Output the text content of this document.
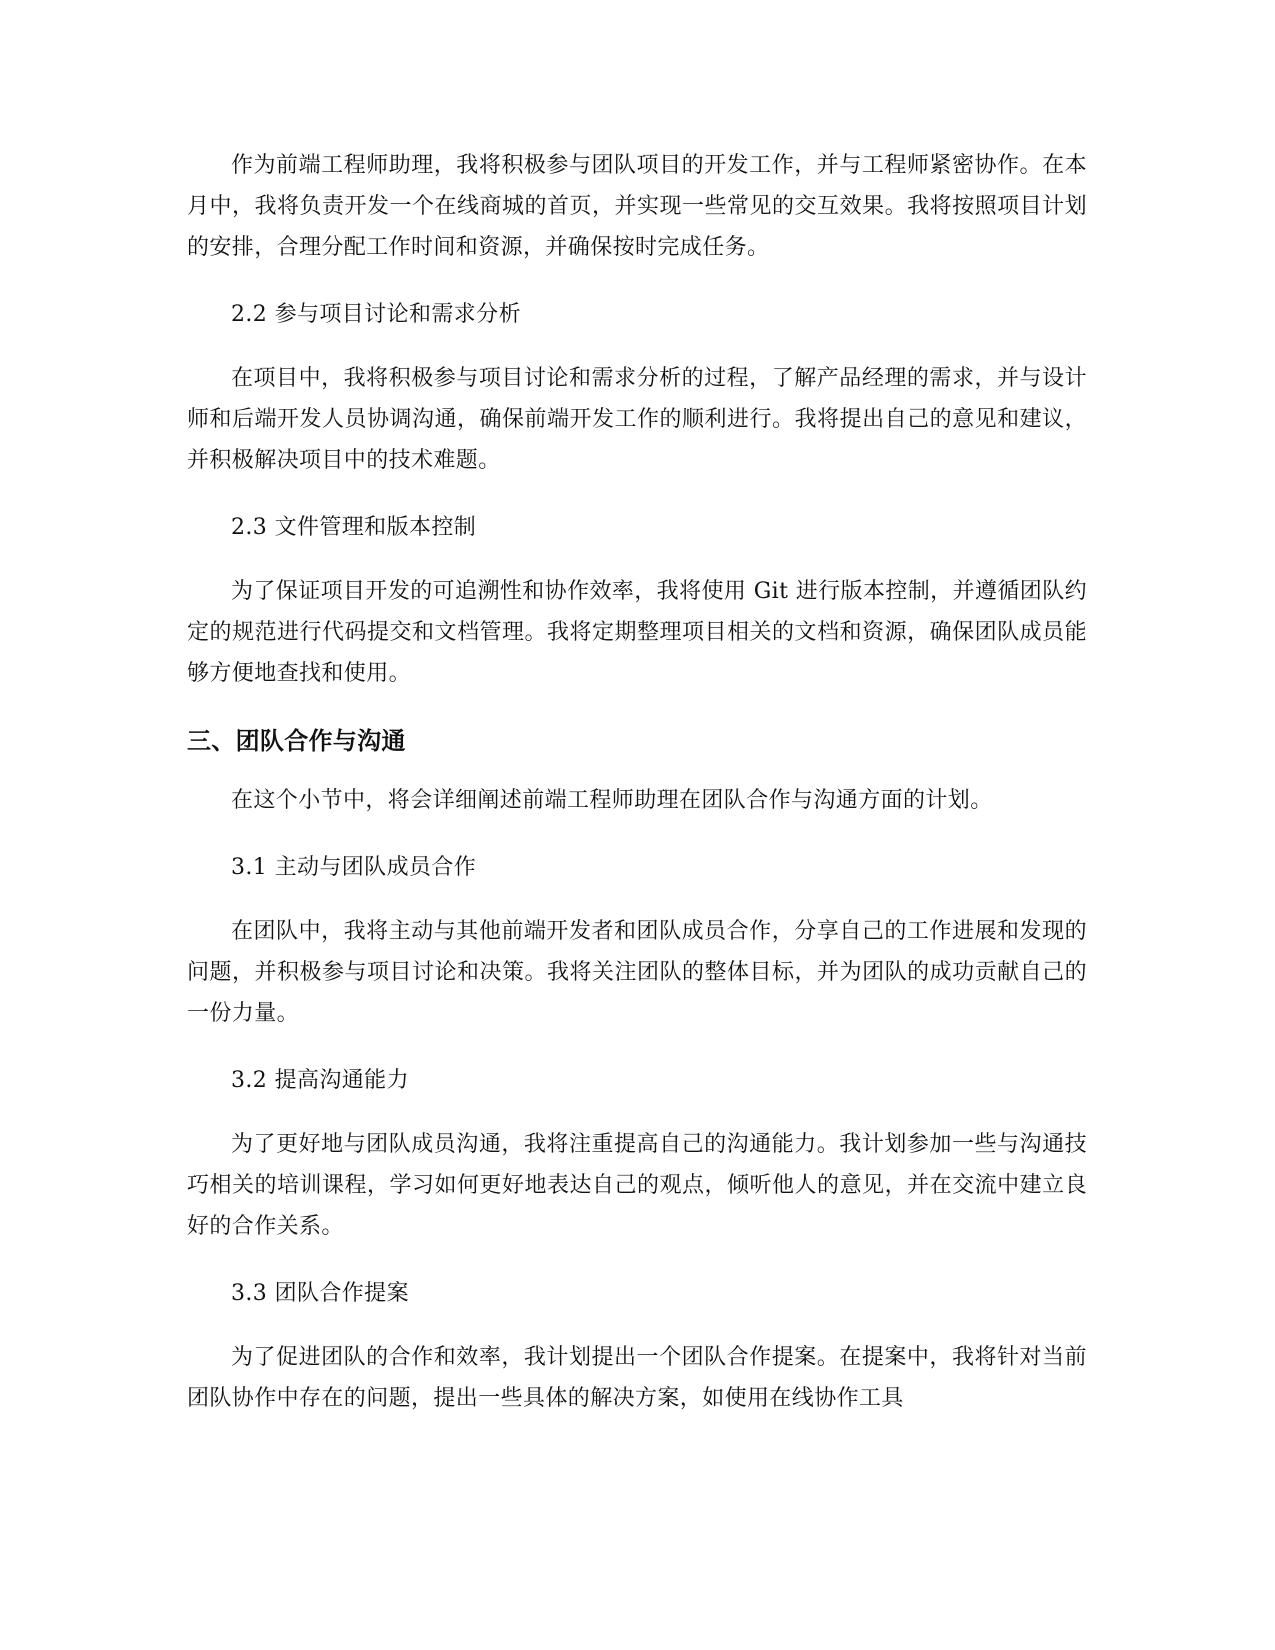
作为前端工程师助理，我将积极参与团队项目的开发工作，并与工程师紧密协作。在本月中，我将负责开发一个在线商城的首页，并实现一些常见的交互效果。我将按照项目计划的安排，合理分配工作时间和资源，并确保按时完成任务。

2.2 参与项目讨论和需求分析

在项目中，我将积极参与项目讨论和需求分析的过程，了解产品经理的需求，并与设计师和后端开发人员协调沟通，确保前端开发工作的顺利进行。我将提出自己的意见和建议，并积极解决项目中的技术难题。

2.3 文件管理和版本控制

为了保证项目开发的可追溯性和协作效率，我将使用 Git 进行版本控制，并遵循团队约定的规范进行代码提交和文档管理。我将定期整理项目相关的文档和资源，确保团队成员能够方便地查找和使用。

三、团队合作与沟通

在这个小节中，将会详细阐述前端工程师助理在团队合作与沟通方面的计划。

3.1 主动与团队成员合作

在团队中，我将主动与其他前端开发者和团队成员合作，分享自己的工作进展和发现的问题，并积极参与项目讨论和决策。我将关注团队的整体目标，并为团队的成功贡献自己的一份力量。

3.2 提高沟通能力

为了更好地与团队成员沟通，我将注重提高自己的沟通能力。我计划参加一些与沟通技巧相关的培训课程，学习如何更好地表达自己的观点，倾听他人的意见，并在交流中建立良好的合作关系。

3.3 团队合作提案

为了促进团队的合作和效率，我计划提出一个团队合作提案。在提案中，我将针对当前团队协作中存在的问题，提出一些具体的解决方案，如使用在线协作工具
